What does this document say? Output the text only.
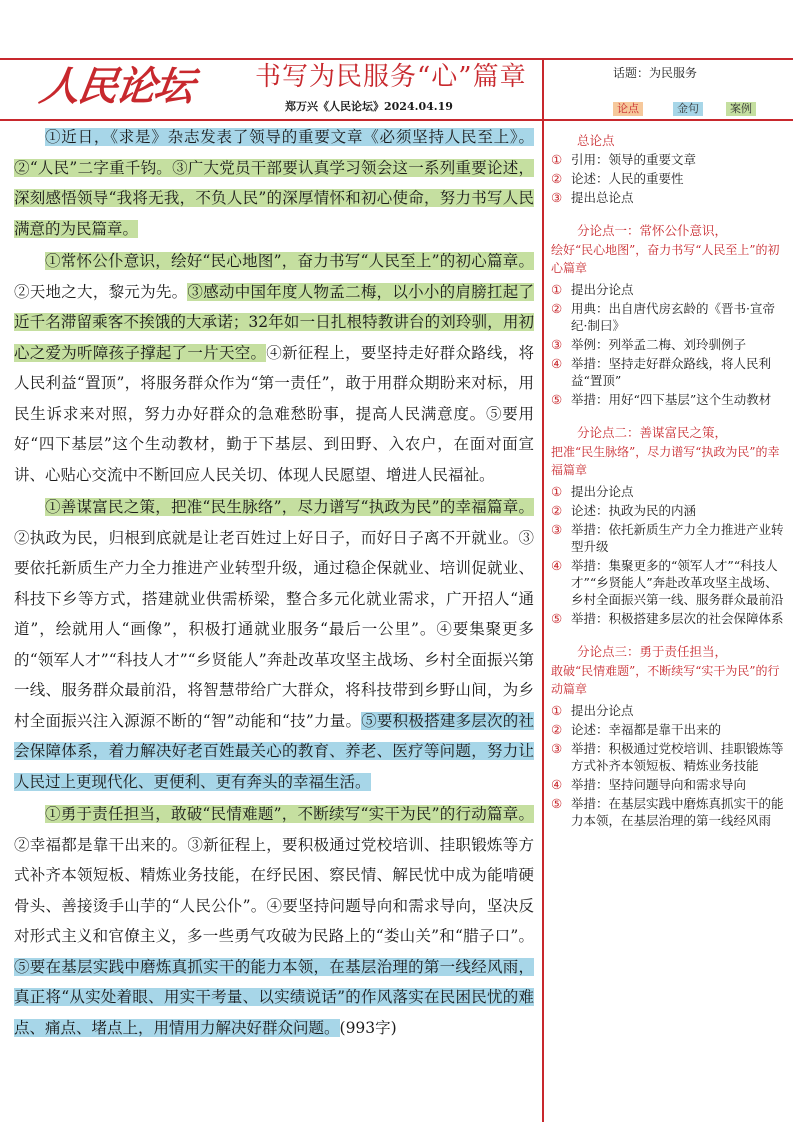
人民论坛	书写为民服务“心”篇章	话题：为民服务
郑万兴《人民论坛》2024.04.19	论点	金句	案例

①近日，《求是》杂志发表了领导的重要文章《必须坚持人民至上》。②“人民”二字重千钧。③广大党员干部要认真学习领会这一系列重要论述，深刻感悟领导“我将无我，不负人民”的深厚情怀和初心使命，努力书写人民满意的为民篇章。

①常怀公仆意识，绘好“民心地图”，奋力书写“人民至上”的初心篇章。②天地之大，黎元为先。③感动中国年度人物孟二梅，以小小的肩膀扛起了近千名滞留乘客不挨饿的大承诺；32年如一日扎根特教讲台的刘玲驯，用初心之爱为听障孩子撑起了一片天空。④新征程上，要坚持走好群众路线，将人民利益“置顶”，将服务群众作为“第一责任”，敢于用群众期盼来对标，用民生诉求来对照，努力办好群众的急难愁盼事，提高人民满意度。⑤要用好“四下基层”这个生动教材，勤于下基层、到田野、入农户，在面对面宣讲、心贴心交流中不断回应人民关切、体现人民愿望、增进人民福祉。

①善谋富民之策，把准“民生脉络”，尽力谱写“执政为民”的幸福篇章。②执政为民，归根到底就是让老百姓过上好日子，而好日子离不开就业。③要依托新质生产力全力推进产业转型升级，通过稳企保就业、培训促就业、科技下乡等方式，搭建就业供需桥梁，整合多元化就业需求，广开招人“通道”，绘就用人“画像”，积极打通就业服务“最后一公里”。④要集聚更多的“领军人才”“科技人才”“乡贤能人”奔赴改革攻坚主战场、乡村全面振兴第一线、服务群众最前沿，将智慧带给广大群众，将科技带到乡野山间，为乡村全面振兴注入源源不断的“智”动能和“技”力量。⑤要积极搭建多层次的社会保障体系，着力解决好老百姓最关心的教育、养老、医疗等问题，努力让人民过上更现代化、更便利、更有奔头的幸福生活。

①勇于责任担当，敢破“民情难题”，不断续写“实干为民”的行动篇章。②幸福都是靠干出来的。③新征程上，要积极通过党校培训、挂职锻炼等方式补齐本领短板、精炼业务技能，在纾民困、察民情、解民忧中成为能啃硬骨头、善接烫手山芋的“人民公仆”。④要坚持问题导向和需求导向，坚决反对形式主义和官僚主义，多一些勇气攻破为民路上的“娄山关”和“腊子口”。⑤要在基层实践中磨炼真抓实干的能力本领，在基层治理的第一线经风雨，真正将“从实处着眼、用实干考量、以实绩说话”的作风落实在民困民忧的难点、痛点、堵点上，用情用力解决好群众问题。(993字)

总论点
① 引用：领导的重要文章
② 论述：人民的重要性
③ 提出总论点
分论点一：常怀公仆意识，
绘好“民心地图”，奋力书写“人民至上”的初心篇章
① 提出分论点
② 用典：出自唐代房玄龄的《晋书·宣帝纪·制曰》
③ 举例：列举孟二梅、刘玲驯例子
④ 举措：坚持走好群众路线，将人民利益“置顶”
⑤ 举措：用好“四下基层”这个生动教材
分论点二：善谋富民之策，
把准“民生脉络”，尽力谱写“执政为民”的幸福篇章
① 提出分论点
② 论述：执政为民的内涵
③ 举措：依托新质生产力全力推进产业转型升级
④ 举措：集聚更多的“领军人才”“科技人才”“乡贤能人”奔赴改革攻坚主战场、乡村全面振兴第一线、服务群众最前沿
⑤ 举措：积极搭建多层次的社会保障体系
分论点三：勇于责任担当，
敢破“民情难题”，不断续写“实干为民”的行动篇章
① 提出分论点
② 论述：幸福都是靠干出来的
③ 举措：积极通过党校培训、挂职锻炼等方式补齐本领短板、精炼业务技能
④ 举措：坚持问题导向和需求导向
⑤ 举措：在基层实践中磨炼真抓实干的能力本领，在基层治理的第一线经风雨
